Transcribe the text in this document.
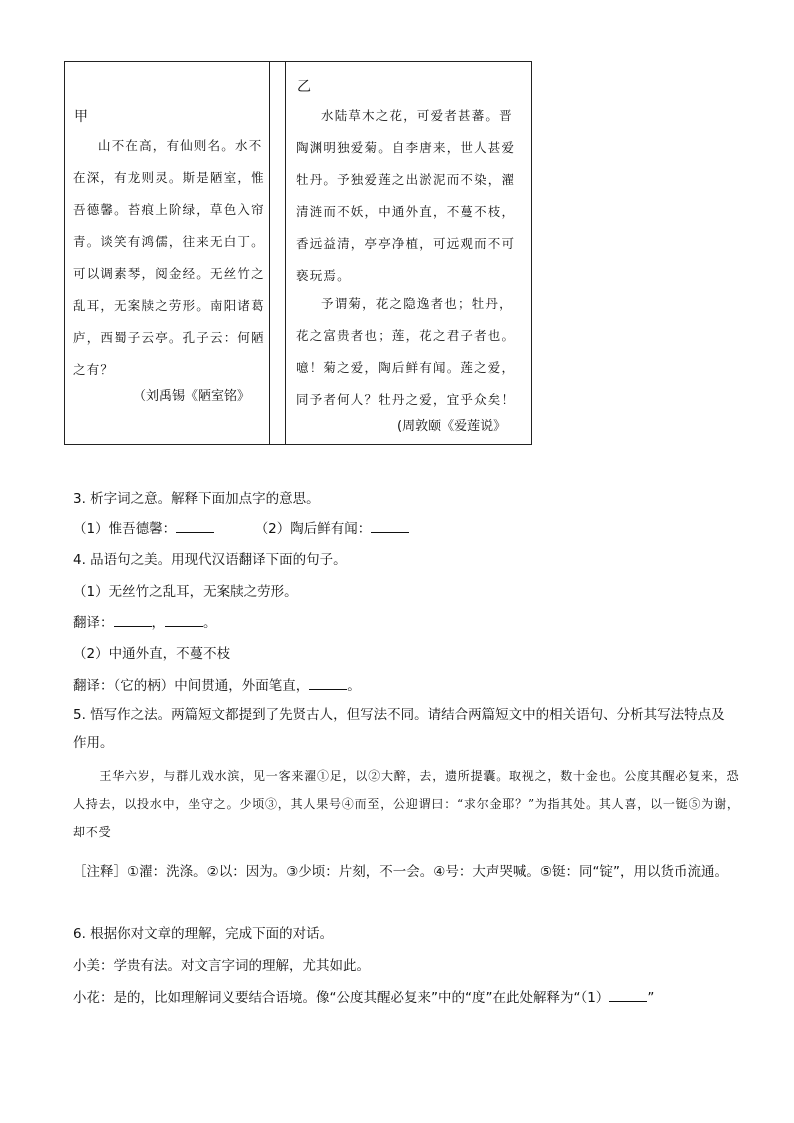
甲
山不在高，有仙则名。水不在深，有龙则灵。斯是陋室，惟吾德馨。苔痕上阶绿，草色入帘青。谈笑有鸿儒，往来无白丁。可以调素琴，阅金经。无丝竹之乱耳，无案牍之劳形。南阳诸葛庐，西蜀子云亭。孔子云：何陋之有？
（刘禹锡《陋室铭》
乙
水陆草木之花，可爱者甚蕃。晋陶渊明独爱菊。自李唐来，世人甚爱牡丹。予独爱莲之出淤泥而不染，濯清涟而不妖，中通外直，不蔓不枝，香远益清，亭亭净植，可远观而不可亵玩焉。
予谓菊，花之隐逸者也；牡丹，花之富贵者也；莲，花之君子者也。噫！菊之爱，陶后鲜有闻。莲之爱，同予者何人？牡丹之爱，宜乎众矣！
(周敦颐《爱莲说》
3. 析字词之意。解释下面加点字的意思。
（1）惟吾德馨：	（2）陶后鲜有闻：
4. 品语句之美。用现代汉语翻译下面的句子。
（1）无丝竹之乱耳，无案牍之劳形。
翻译：	，	。
（2）中通外直，不蔓不枝
翻译：（它的柄）中间贯通，外面笔直，	。
5. 悟写作之法。两篇短文都提到了先贤古人，但写法不同。请结合两篇短文中的相关语句、分析其写法特点及作用。
王华六岁，与群儿戏水滨，见一客来濯①足，以②大醉，去，遗所提囊。取视之，数十金也。公度其醒必复来，恐人持去，以投水中，坐守之。少顷③，其人果号④而至，公迎谓曰：“求尔金耶？”为指其处。其人喜，以一铤⑤为谢，却不受
［注释］①濯：洗涤。②以：因为。③少顷：片刻，不一会。④号：大声哭喊。⑤铤：同“锭”，用以货币流通。
6. 根据你对文章的理解，完成下面的对话。
小美：学贵有法。对文言字词的理解，尤其如此。
小花：是的，比如理解词义要结合语境。像“公度其醒必复来”中的“度”在此处解释为“（1）	”
